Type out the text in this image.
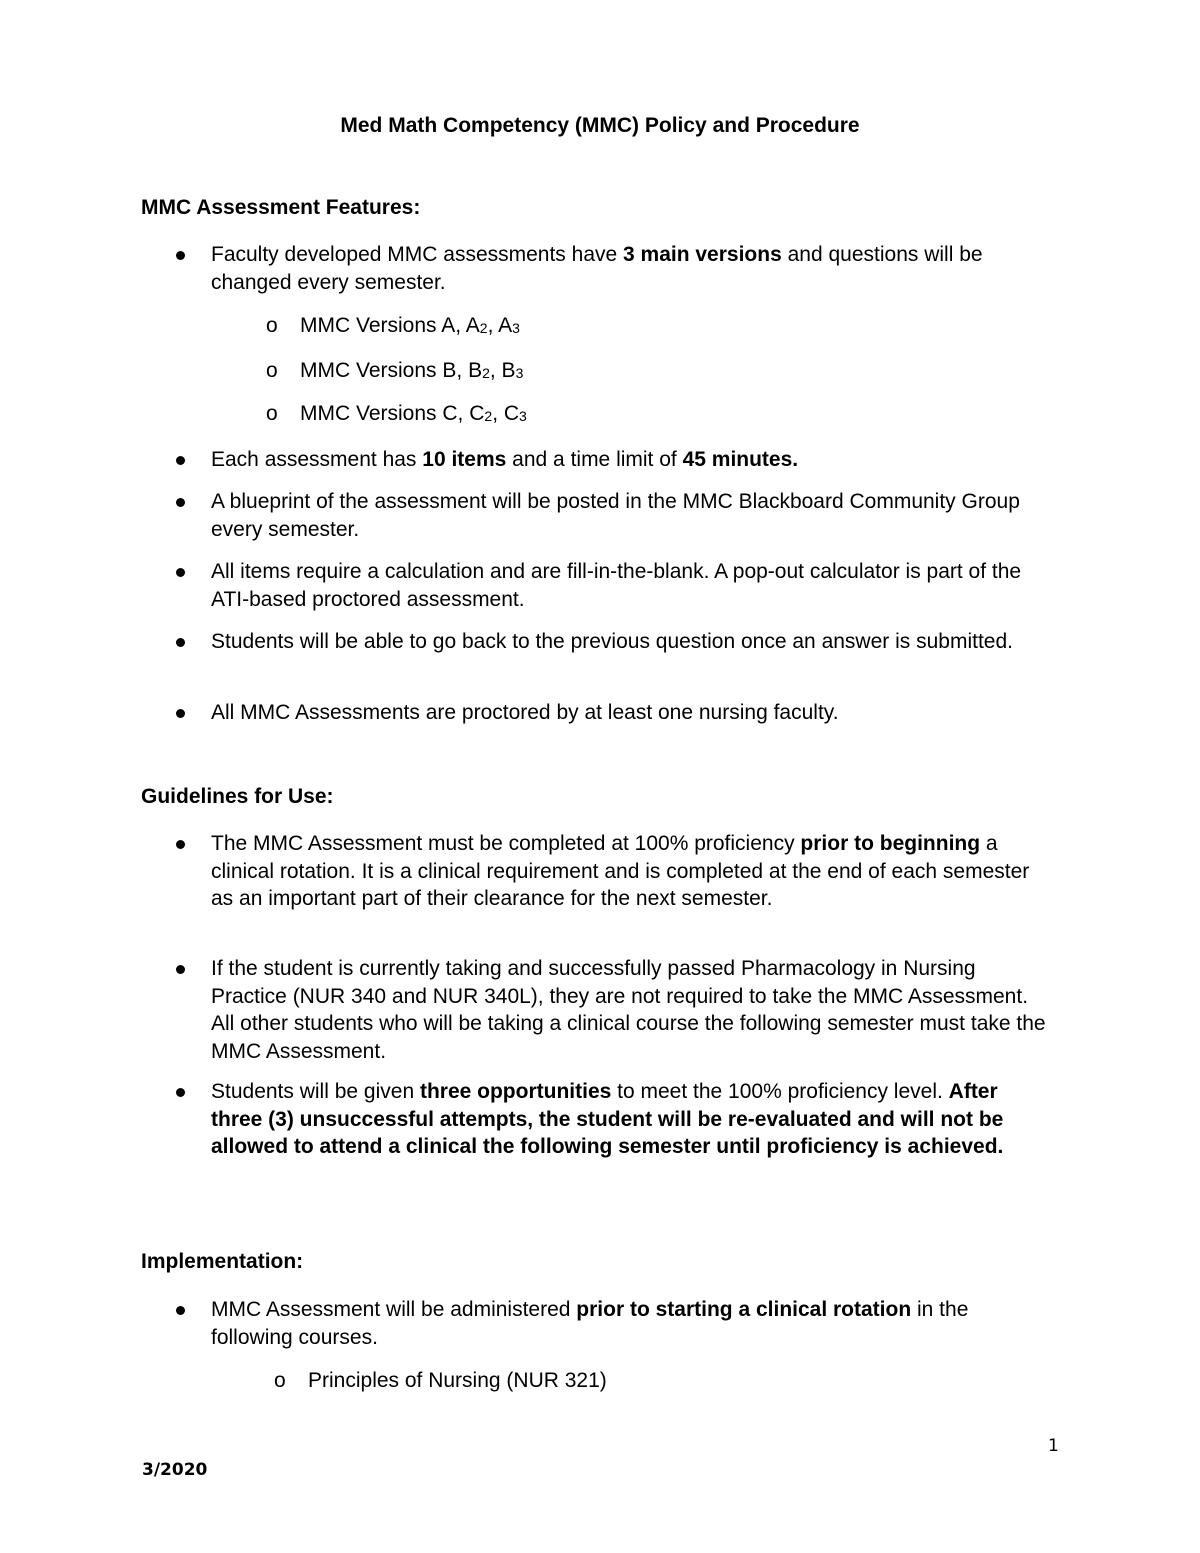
Med Math Competency (MMC) Policy and Procedure
MMC Assessment Features:
Faculty developed MMC assessments have 3 main versions and questions will be changed every semester.
o MMC Versions A, $A_2$, $A_3$
o MMC Versions B, $B_2$, $B_3$
o MMC Versions C, $C_2$, $C_3$
Each assessment has 10 items and a time limit of 45 minutes.
A blueprint of the assessment will be posted in the MMC Blackboard Community Group every semester.
All items require a calculation and are fill-in-the-blank. A pop-out calculator is part of the ATI-based proctored assessment.
Students will be able to go back to the previous question once an answer is submitted.
All MMC Assessments are proctored by at least one nursing faculty.
Guidelines for Use:
The MMC Assessment must be completed at 100% proficiency prior to beginning a clinical rotation. It is a clinical requirement and is completed at the end of each semester as an important part of their clearance for the next semester.
If the student is currently taking and successfully passed Pharmacology in Nursing Practice (NUR 340 and NUR 340L), they are not required to take the MMC Assessment. All other students who will be taking a clinical course the following semester must take the MMC Assessment.
Students will be given three opportunities to meet the 100% proficiency level. After three (3) unsuccessful attempts, the student will be re-evaluated and will not be allowed to attend a clinical the following semester until proficiency is achieved.
Implementation:
MMC Assessment will be administered prior to starting a clinical rotation in the following courses.
o Principles of Nursing (NUR 321)
1
3/2020
